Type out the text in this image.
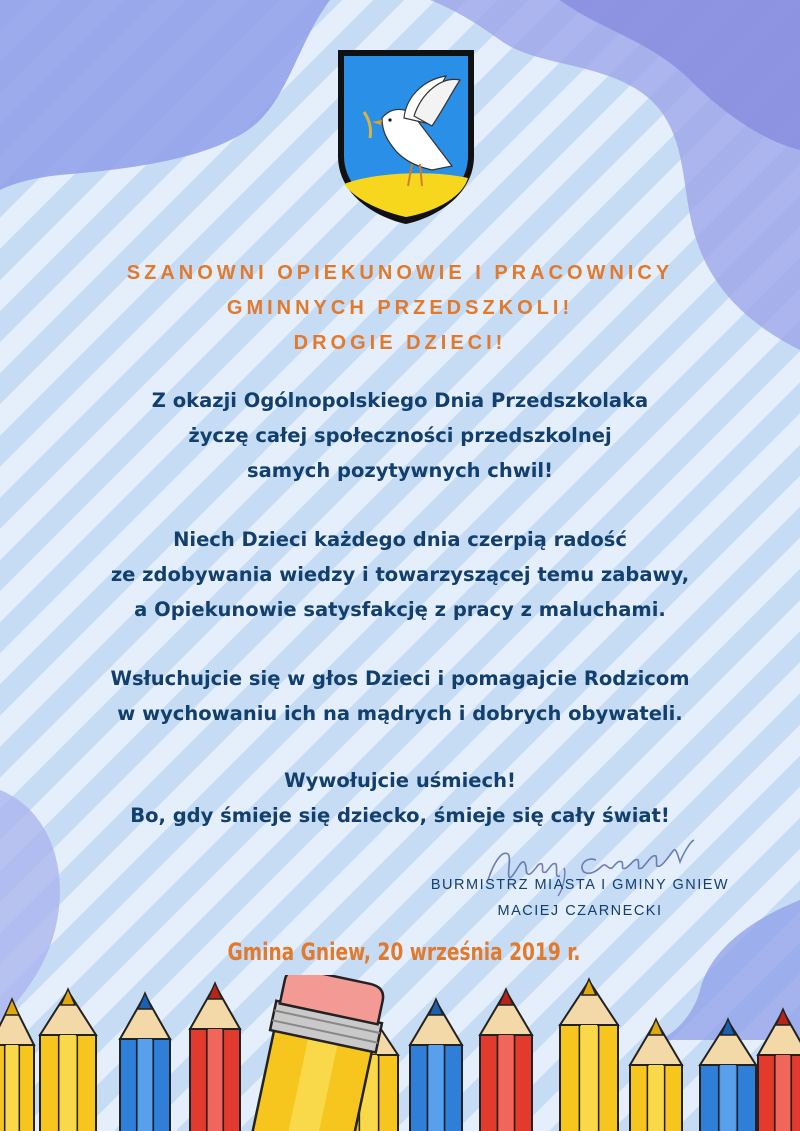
SZANOWNI OPIEKUNOWIE I PRACOWNICY
GMINNYCH PRZEDSZKOLI!
DROGIE DZIECI!
Z okazji Ogólnopolskiego Dnia Przedszkolaka
życzę całej społeczności przedszkolnej
samych pozytywnych chwil!
Niech Dzieci każdego dnia czerpią radość
ze zdobywania wiedzy i towarzyszącej temu zabawy,
a Opiekunowie satysfakcję z pracy z maluchami.
Wsłuchujcie się w głos Dzieci i pomagajcie Rodzicom
w wychowaniu ich na mądrych i dobrych obywateli.
Wywołujcie uśmiech!
Bo, gdy śmieje się dziecko, śmieje się cały świat!
BURMISTRZ MIASTA I GMINY GNIEW
MACIEJ CZARNECKI
Gmina Gniew, 20 września 2019 r.
